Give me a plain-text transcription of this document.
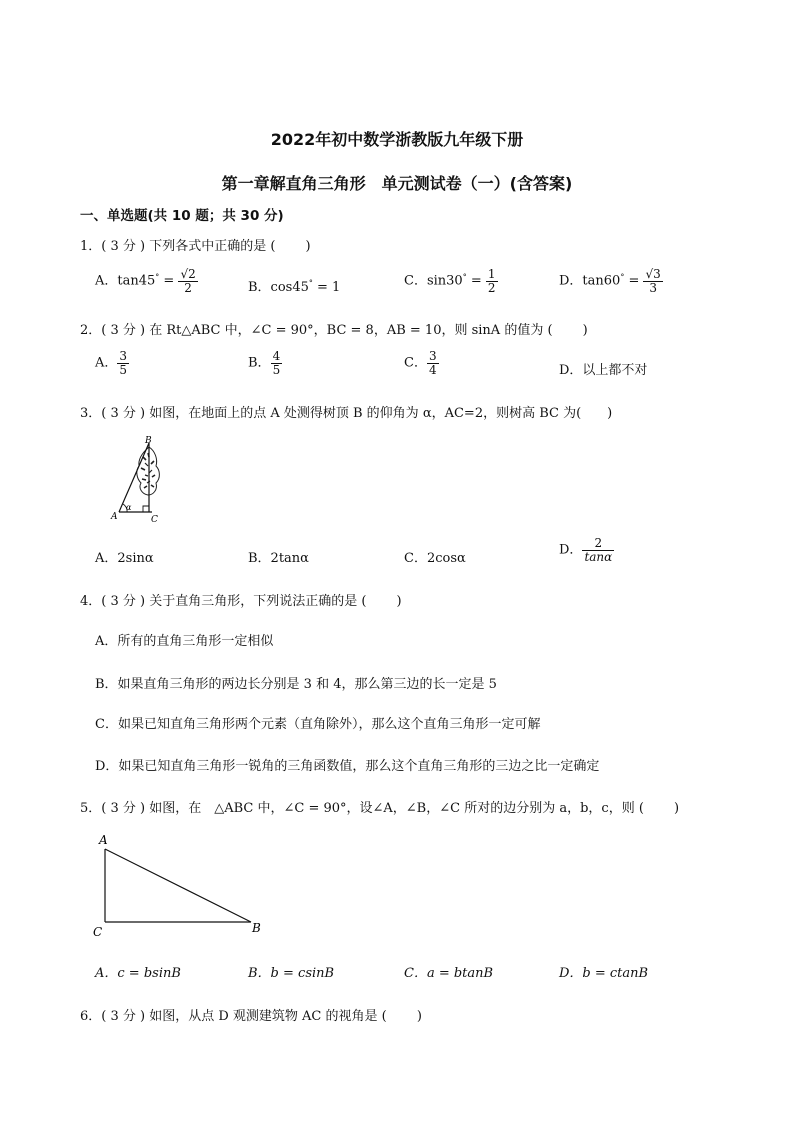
2022年初中数学浙教版九年级下册
第一章解直角三角形　单元测试卷（一）(含答案)
一、单选题(共 10 题；共 30 分)
1．( 3 分 ) 下列各式中正确的是 (　　 )
A．$\tan 45^\circ = \frac{√2}{2}$	B．cos45° = 1	C．$\sin 30^\circ = \frac{1}{2}$	D．$\tan 60^\circ = \frac{√3}{3}$
2．( 3 分 ) 在 Rt△ABC 中，∠C = 90°，BC = 8，AB = 10，则 sinA 的值为 (　　 )
A． $\frac{3}{5}$	B． $\frac{4}{5}$	C． $\frac{3}{4}$	D．以上都不对
3．( 3 分 ) 如图，在地面上的点 A 处测得树顶 B 的仰角为 α，AC=2，则树高 BC 为(　　)
B
A	C
α
A．2sinα	B．2tanα	C．2cosα
D． $\frac{2}{\tan\alpha}$
4．( 3 分 ) 关于直角三角形，下列说法正确的是 (　　 )
A．所有的直角三角形一定相似
B．如果直角三角形的两边长分别是 3 和 4，那么第三边的长一定是 5
C．如果已知直角三角形两个元素（直角除外），那么这个直角三角形一定可解
D．如果已知直角三角形一锐角的三角函数值，那么这个直角三角形的三边之比一定确定
5．( 3 分 ) 如图，在　△ABC 中，∠C = 90°，设∠A，∠B，∠C 所对的边分别为 a，b，c，则 (　　 )
A
C	B
A．c = bsinB	B．b = csinB	C．a = btanB	D．b = ctanB
6．( 3 分 ) 如图，从点 D 观测建筑物 AC 的视角是 (　　 )
